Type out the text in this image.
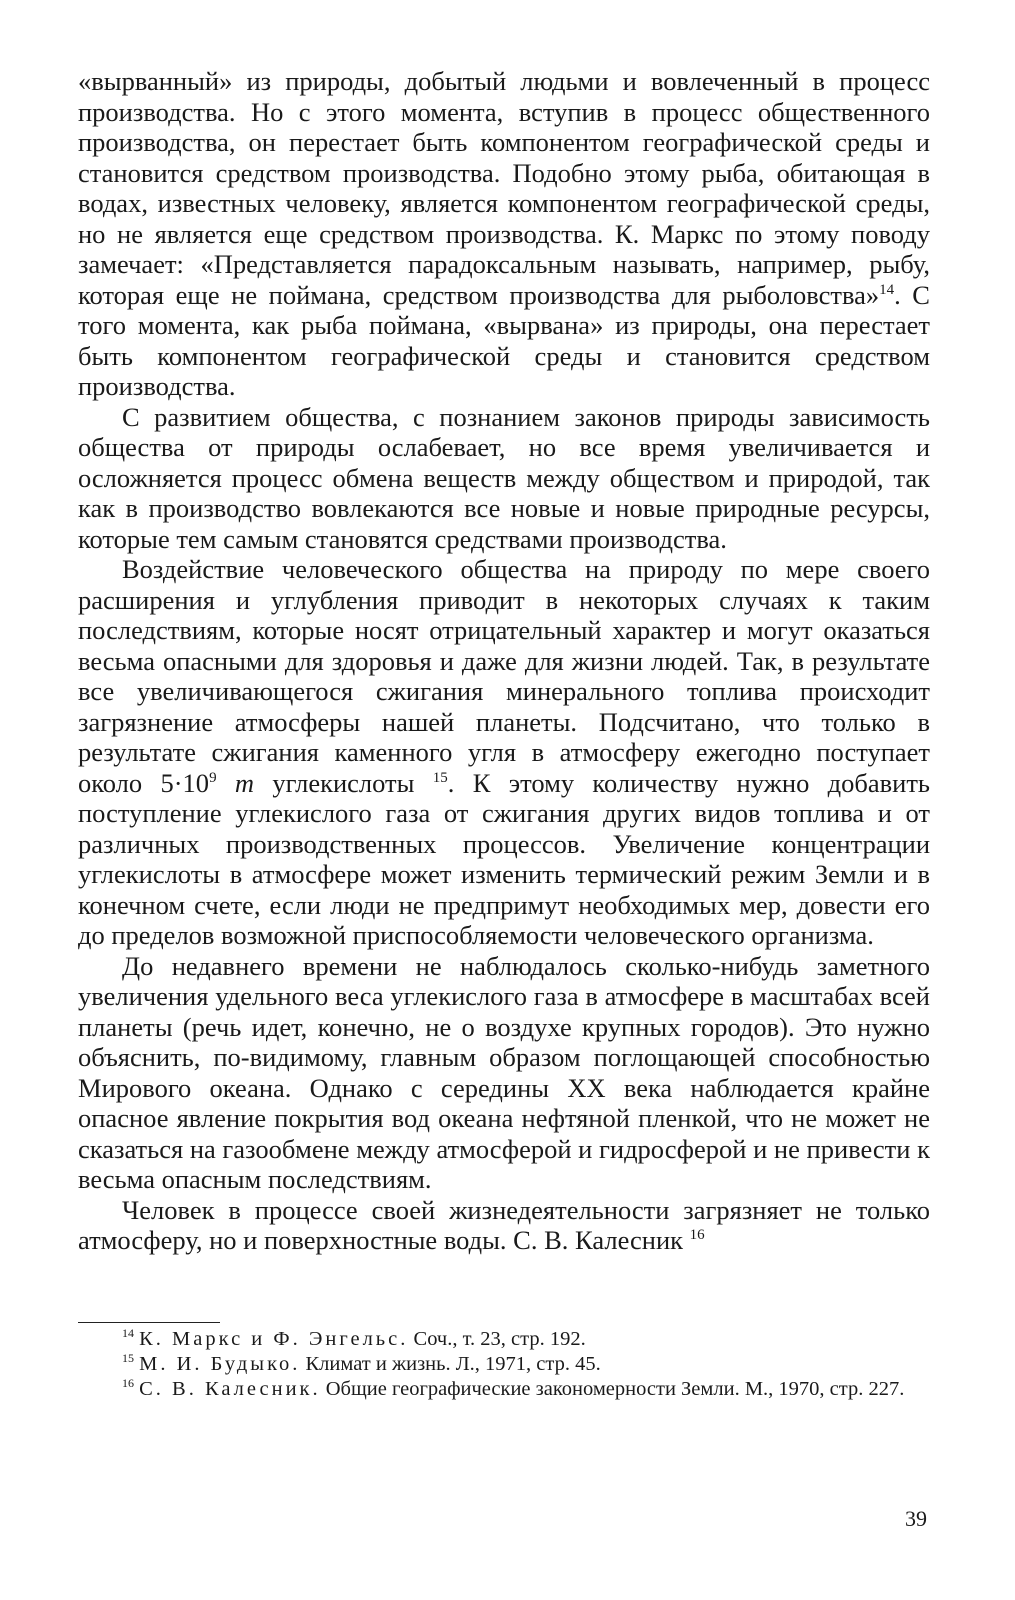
«вырванный» из природы, добытый людьми и вовлеченный в процесс производства. Но с этого момента, вступив в процесс общественного производства, он перестает быть компонентом географической среды и становится средством производства. Подобно этому рыба, обитающая в водах, известных человеку, является компонентом географической среды, но не является еще средством производства. К. Маркс по этому поводу замечает: «Представляется парадоксальным называть, например, рыбу, которая еще не поймана, средством производства для рыболовства»$^{14}$. С того момента, как рыба поймана, «вырвана» из природы, она перестает быть компонентом географической среды и становится средством производства.

С развитием общества, с познанием законов природы зависимость общества от природы ослабевает, но все время увеличивается и осложняется процесс обмена веществ между обществом и природой, так как в производство вовлекаются все новые и новые природные ресурсы, которые тем самым становятся средствами производства.

Воздействие человеческого общества на природу по мере своего расширения и углубления приводит в некоторых случаях к таким последствиям, которые носят отрицательный характер и могут оказаться весьма опасными для здоровья и даже для жизни людей. Так, в результате все увеличивающегося сжигания минерального топлива происходит загрязнение атмосферы нашей планеты. Подсчитано, что только в результате сжигания каменного угля в атмосферу ежегодно поступает около $5\cdot 10^9$ т углекислоты $^{15}$. К этому количеству нужно добавить поступление углекислого газа от сжигания других видов топлива и от различных производственных процессов. Увеличение концентрации углекислоты в атмосфере может изменить термический режим Земли и в конечном счете, если люди не предпримут необходимых мер, довести его до пределов возможной приспособляемости человеческого организма.

До недавнего времени не наблюдалось сколько-нибудь заметного увеличения удельного веса углекислого газа в атмосфере в масштабах всей планеты (речь идет, конечно, не о воздухе крупных городов). Это нужно объяснить, по-видимому, главным образом поглощающей способностью Мирового океана. Однако с середины XX века наблюдается крайне опасное явление покрытия вод океана нефтяной пленкой, что не может не сказаться на газообмене между атмосферой и гидросферой и не привести к весьма опасным последствиям.

Человек в процессе своей жизнедеятельности загрязняет не только атмосферу, но и поверхностные воды. С. В. Калесник $^{16}$

$^{14}$ К. Маркс и Ф. Энгельс. Соч., т. 23, стр. 192.

$^{15}$ М. И. Будыко. Климат и жизнь. Л., 1971, стр. 45.

$^{16}$ С. В. Калесник. Общие географические закономерности Земли. М., 1970, стр. 227.

39
